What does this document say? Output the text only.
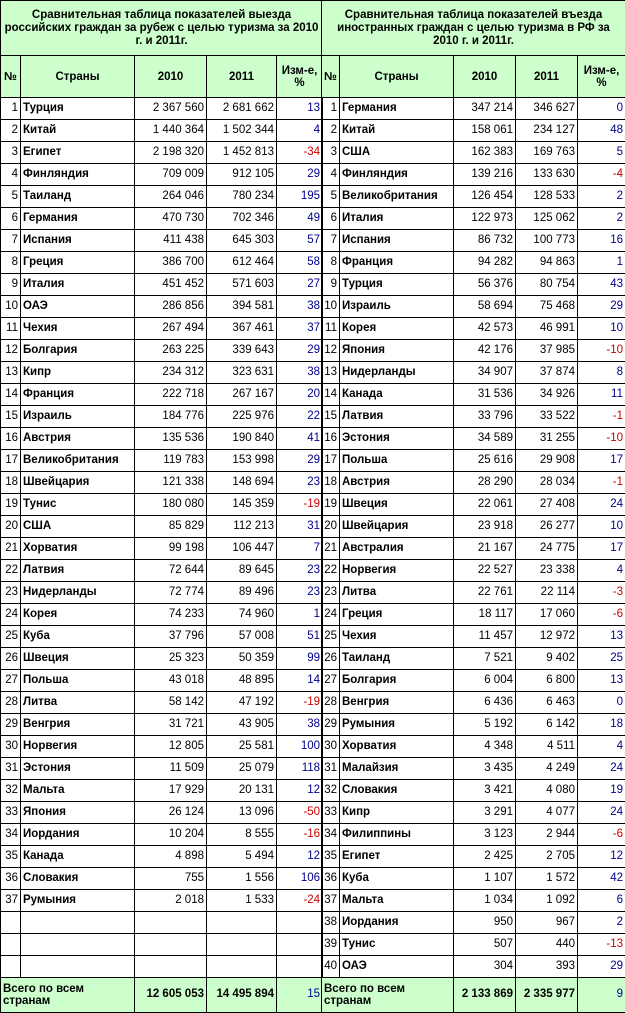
Сравнительная таблица показателей выезда российских граждан за рубеж с целью туризма за 2010 г. и 2011г.				
№	Страны	2010	2011	Изм-е, %
1	Турция	2 367 560	2 681 662	13
2	Китай	1 440 364	1 502 344	4
3	Египет	2 198 320	1 452 813	-34
4	Финляндия	709 009	912 105	29
5	Таиланд	264 046	780 234	195
6	Германия	470 730	702 346	49
7	Испания	411 438	645 303	57
8	Греция	386 700	612 464	58
9	Италия	451 452	571 603	27
10	ОАЭ	286 856	394 581	38
11	Чехия	267 494	367 461	37
12	Болгария	263 225	339 643	29
13	Кипр	234 312	323 631	38
14	Франция	222 718	267 167	20
15	Израиль	184 776	225 976	22
16	Австрия	135 536	190 840	41
17	Великобритания	119 783	153 998	29
18	Швейцария	121 338	148 694	23
19	Тунис	180 080	145 359	-19
20	США	85 829	112 213	31
21	Хорватия	99 198	106 447	7
22	Латвия	72 644	89 645	23
23	Нидерланды	72 774	89 496	23
24	Корея	74 233	74 960	1
25	Куба	37 796	57 008	51
26	Швеция	25 323	50 359	99
27	Польша	43 018	48 895	14
28	Литва	58 142	47 192	-19
29	Венгрия	31 721	43 905	38
30	Норвегия	12 805	25 581	100
31	Эстония	11 509	25 079	118
32	Мальта	17 929	20 131	12
33	Япония	26 124	13 096	-50
34	Иордания	10 204	8 555	-16
35	Канада	4 898	5 494	12
36	Словакия	755	1 556	106
37	Румыния	2 018	1 533	-24

Всего по всем странам		12 605 053	14 495 894	15
Сравнительная таблица показателей въезда иностранных граждан с целью туризма в РФ за 2010 г. и 2011г.				
№	Страны	2010	2011	Изм-е, %
1	Германия	347 214	346 627	0
2	Китай	158 061	234 127	48
3	США	162 383	169 763	5
4	Финляндия	139 216	133 630	-4
5	Великобритания	126 454	128 533	2
6	Италия	122 973	125 062	2
7	Испания	86 732	100 773	16
8	Франция	94 282	94 863	1
9	Турция	56 376	80 754	43
10	Израиль	58 694	75 468	29
11	Корея	42 573	46 991	10
12	Япония	42 176	37 985	-10
13	Нидерланды	34 907	37 874	8
14	Канада	31 536	34 926	11
15	Латвия	33 796	33 522	-1
16	Эстония	34 589	31 255	-10
17	Польша	25 616	29 908	17
18	Австрия	28 290	28 034	-1
19	Швеция	22 061	27 408	24
20	Швейцария	23 918	26 277	10
21	Австралия	21 167	24 775	17
22	Норвегия	22 527	23 338	4
23	Литва	22 761	22 114	-3
24	Греция	18 117	17 060	-6
25	Чехия	11 457	12 972	13
26	Таиланд	7 521	9 402	25
27	Болгария	6 004	6 800	13
28	Венгрия	6 436	6 463	0
29	Румыния	5 192	6 142	18
30	Хорватия	4 348	4 511	4
31	Малайзия	3 435	4 249	24
32	Словакия	3 421	4 080	19
33	Кипр	3 291	4 077	24
34	Филиппины	3 123	2 944	-6
35	Египет	2 425	2 705	12
36	Куба	1 107	1 572	42
37	Мальта	1 034	1 092	6
38	Иордания	950	967	2
39	Тунис	507	440	-13
40	ОАЭ	304	393	29
Всего по всем странам		2 133 869	2 335 977	9
